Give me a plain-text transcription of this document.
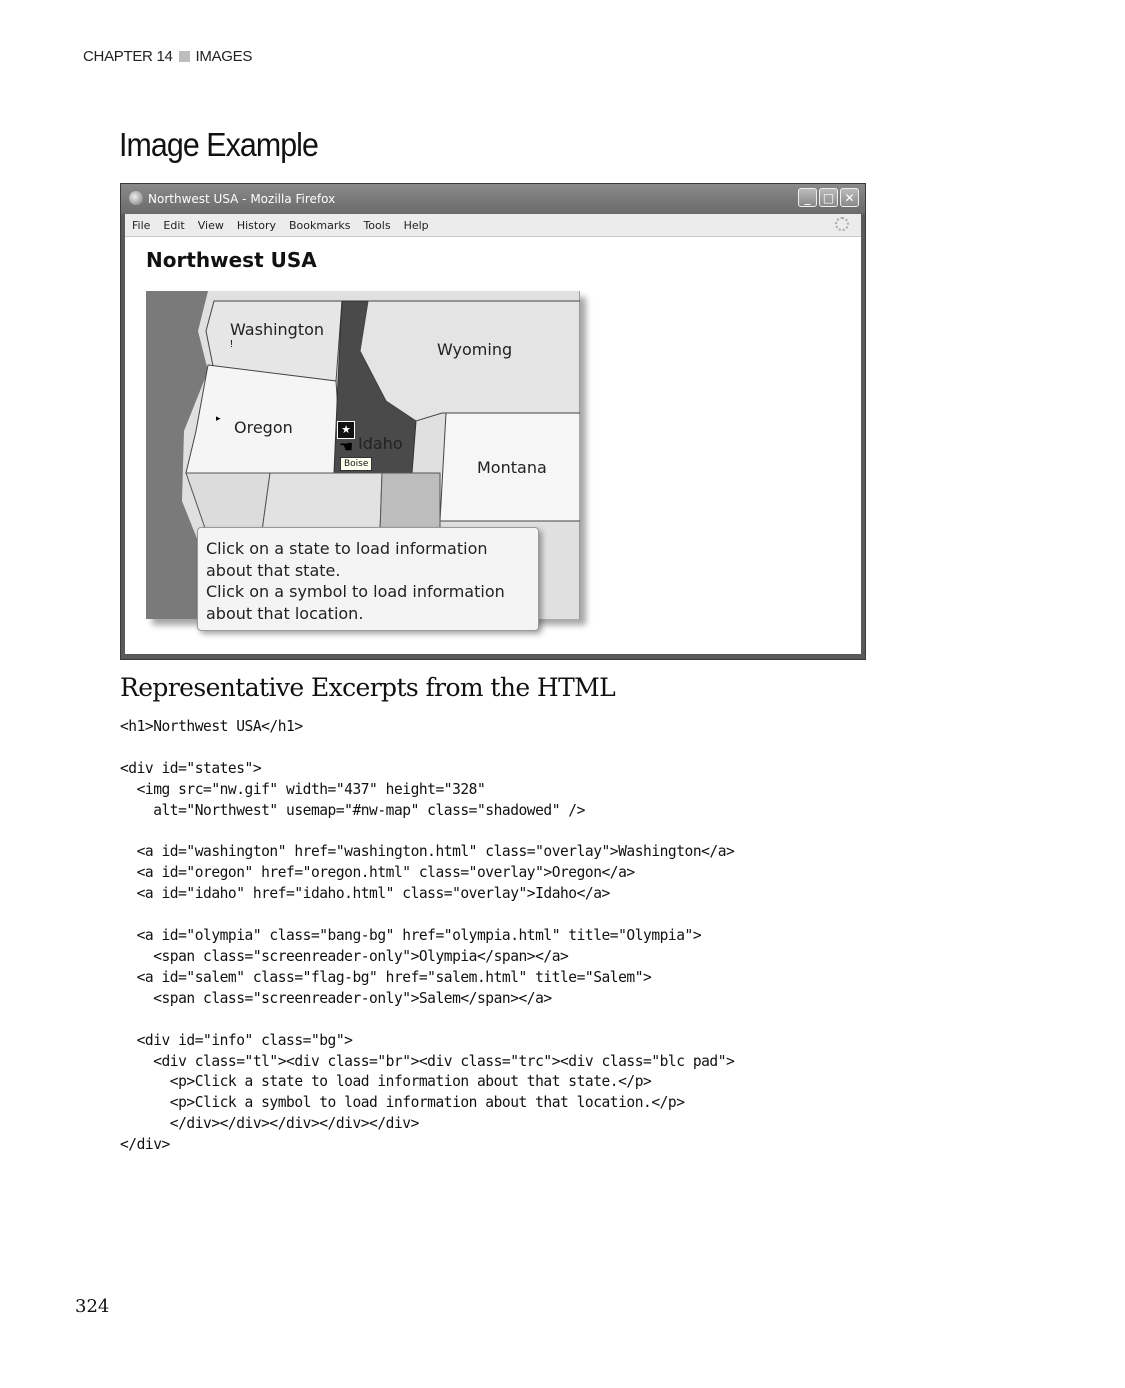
CHAPTER 14 IMAGES
Image Example
Northwest USA - Mozilla Firefox	_	□ ✕
File Edit View History Bookmarks Tools Help
Northwest USA
Washington
Oregon
Idaho
Wyoming
Montana
!
▸
★
☚
Boise

Click on a state to load information about that state.

Click on a symbol to load information about that location.

Representative Excerpts from the HTML
<h1>Northwest USA</h1>

<div id="states">
<img src="nw.gif" width="437" height="328"
alt="Northwest" usemap="#nw-map" class="shadowed" />

<a id="washington" href="washington.html" class="overlay">Washington</a>
<a id="oregon" href="oregon.html" class="overlay">Oregon</a>
<a id="idaho" href="idaho.html" class="overlay">Idaho</a>

<a id="olympia" class="bang-bg" href="olympia.html" title="Olympia">
<span class="screenreader-only">Olympia</span></a>
<a id="salem" class="flag-bg" href="salem.html" title="Salem">
<span class="screenreader-only">Salem</span></a>

<div id="info" class="bg">
<div class="tl"><div class="br"><div class="trc"><div class="blc pad">
<p>Click a state to load information about that state.</p>
<p>Click a symbol to load information about that location.</p>
</div></div></div></div></div>
</div>
324
